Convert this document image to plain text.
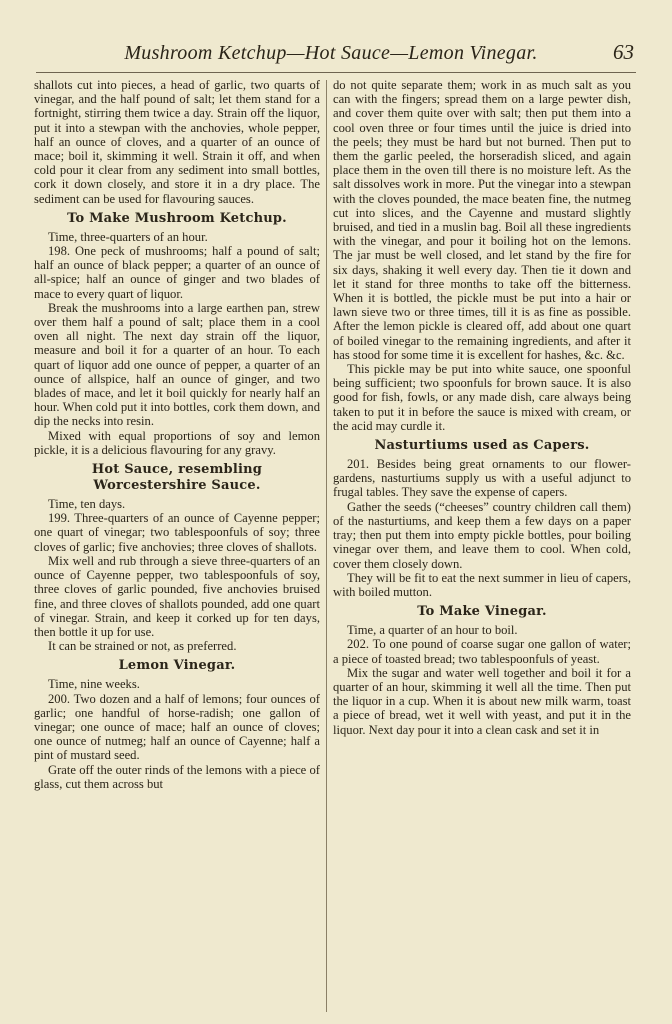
Mushroom Ketchup—Hot Sauce—Lemon Vinegar.	63

shallots cut into pieces, a head of garlic, two quarts of vinegar, and the half pound of salt; let them stand for a fortnight, stirring them twice a day. Strain off the liquor, put it into a stewpan with the anchovies, whole pepper, half an ounce of cloves, and a quarter of an ounce of mace; boil it, skimming it well. Strain it off, and when cold pour it clear from any sediment into small bottles, cork it down closely, and store it in a dry place. The sediment can be used for flavouring sauces.

To Make Mushroom Ketchup.

Time, three-quarters of an hour.

198. One peck of mushrooms; half a pound of salt; half an ounce of black pepper; a quarter of an ounce of all-spice; half an ounce of ginger and two blades of mace to every quart of liquor.

Break the mushrooms into a large earthen pan, strew over them half a pound of salt; place them in a cool oven all night. The next day strain off the liquor, measure and boil it for a quarter of an hour. To each quart of liquor add one ounce of pepper, a quarter of an ounce of allspice, half an ounce of ginger, and two blades of mace, and let it boil quickly for nearly half an hour. When cold put it into bottles, cork them down, and dip the necks into resin.

Mixed with equal proportions of soy and lemon pickle, it is a delicious flavouring for any gravy.

Hot Sauce, resembling Worcestershire Sauce.

Time, ten days.

199. Three-quarters of an ounce of Cayenne pepper; one quart of vinegar; two tablespoonfuls of soy; three cloves of garlic; five anchovies; three cloves of shallots.

Mix well and rub through a sieve three-quarters of an ounce of Cayenne pepper, two tablespoonfuls of soy, three cloves of garlic pounded, five anchovies bruised fine, and three cloves of shallots pounded, add one quart of vinegar. Strain, and keep it corked up for ten days, then bottle it up for use.

It can be strained or not, as preferred.

Lemon Vinegar.

Time, nine weeks.

200. Two dozen and a half of lemons; four ounces of garlic; one handful of horse-radish; one gallon of vinegar; one ounce of mace; half an ounce of cloves; one ounce of nutmeg; half an ounce of Cayenne; half a pint of mustard seed.

Grate off the outer rinds of the lemons with a piece of glass, cut them across but

do not quite separate them; work in as much salt as you can with the fingers; spread them on a large pewter dish, and cover them quite over with salt; then put them into a cool oven three or four times until the juice is dried into the peels; they must be hard but not burned. Then put to them the garlic peeled, the horseradish sliced, and again place them in the oven till there is no moisture left. As the salt dissolves work in more. Put the vinegar into a stewpan with the cloves pounded, the mace beaten fine, the nutmeg cut into slices, and the Cayenne and mustard slightly bruised, and tied in a muslin bag. Boil all these ingredients with the vinegar, and pour it boiling hot on the lemons. The jar must be well closed, and let stand by the fire for six days, shaking it well every day. Then tie it down and let it stand for three months to take off the bitterness. When it is bottled, the pickle must be put into a hair or lawn sieve two or three times, till it is as fine as possible. After the lemon pickle is cleared off, add about one quart of boiled vinegar to the remaining ingredients, and after it has stood for some time it is excellent for hashes, &c. &c.

This pickle may be put into white sauce, one spoonful being sufficient; two spoonfuls for brown sauce. It is also good for fish, fowls, or any made dish, care always being taken to put it in before the sauce is mixed with cream, or the acid may curdle it.

Nasturtiums used as Capers.

201. Besides being great ornaments to our flower-gardens, nasturtiums supply us with a useful adjunct to frugal tables. They save the expense of capers.

Gather the seeds (“cheeses” country children call them) of the nasturtiums, and keep them a few days on a paper tray; then put them into empty pickle bottles, pour boiling vinegar over them, and leave them to cool. When cold, cover them closely down.

They will be fit to eat the next summer in lieu of capers, with boiled mutton.

To Make Vinegar.

Time, a quarter of an hour to boil.

202. To one pound of coarse sugar one gallon of water; a piece of toasted bread; two tablespoonfuls of yeast.

Mix the sugar and water well together and boil it for a quarter of an hour, skimming it well all the time. Then put the liquor in a cup. When it is about new milk warm, toast a piece of bread, wet it well with yeast, and put it in the liquor. Next day pour it into a clean cask and set it in
